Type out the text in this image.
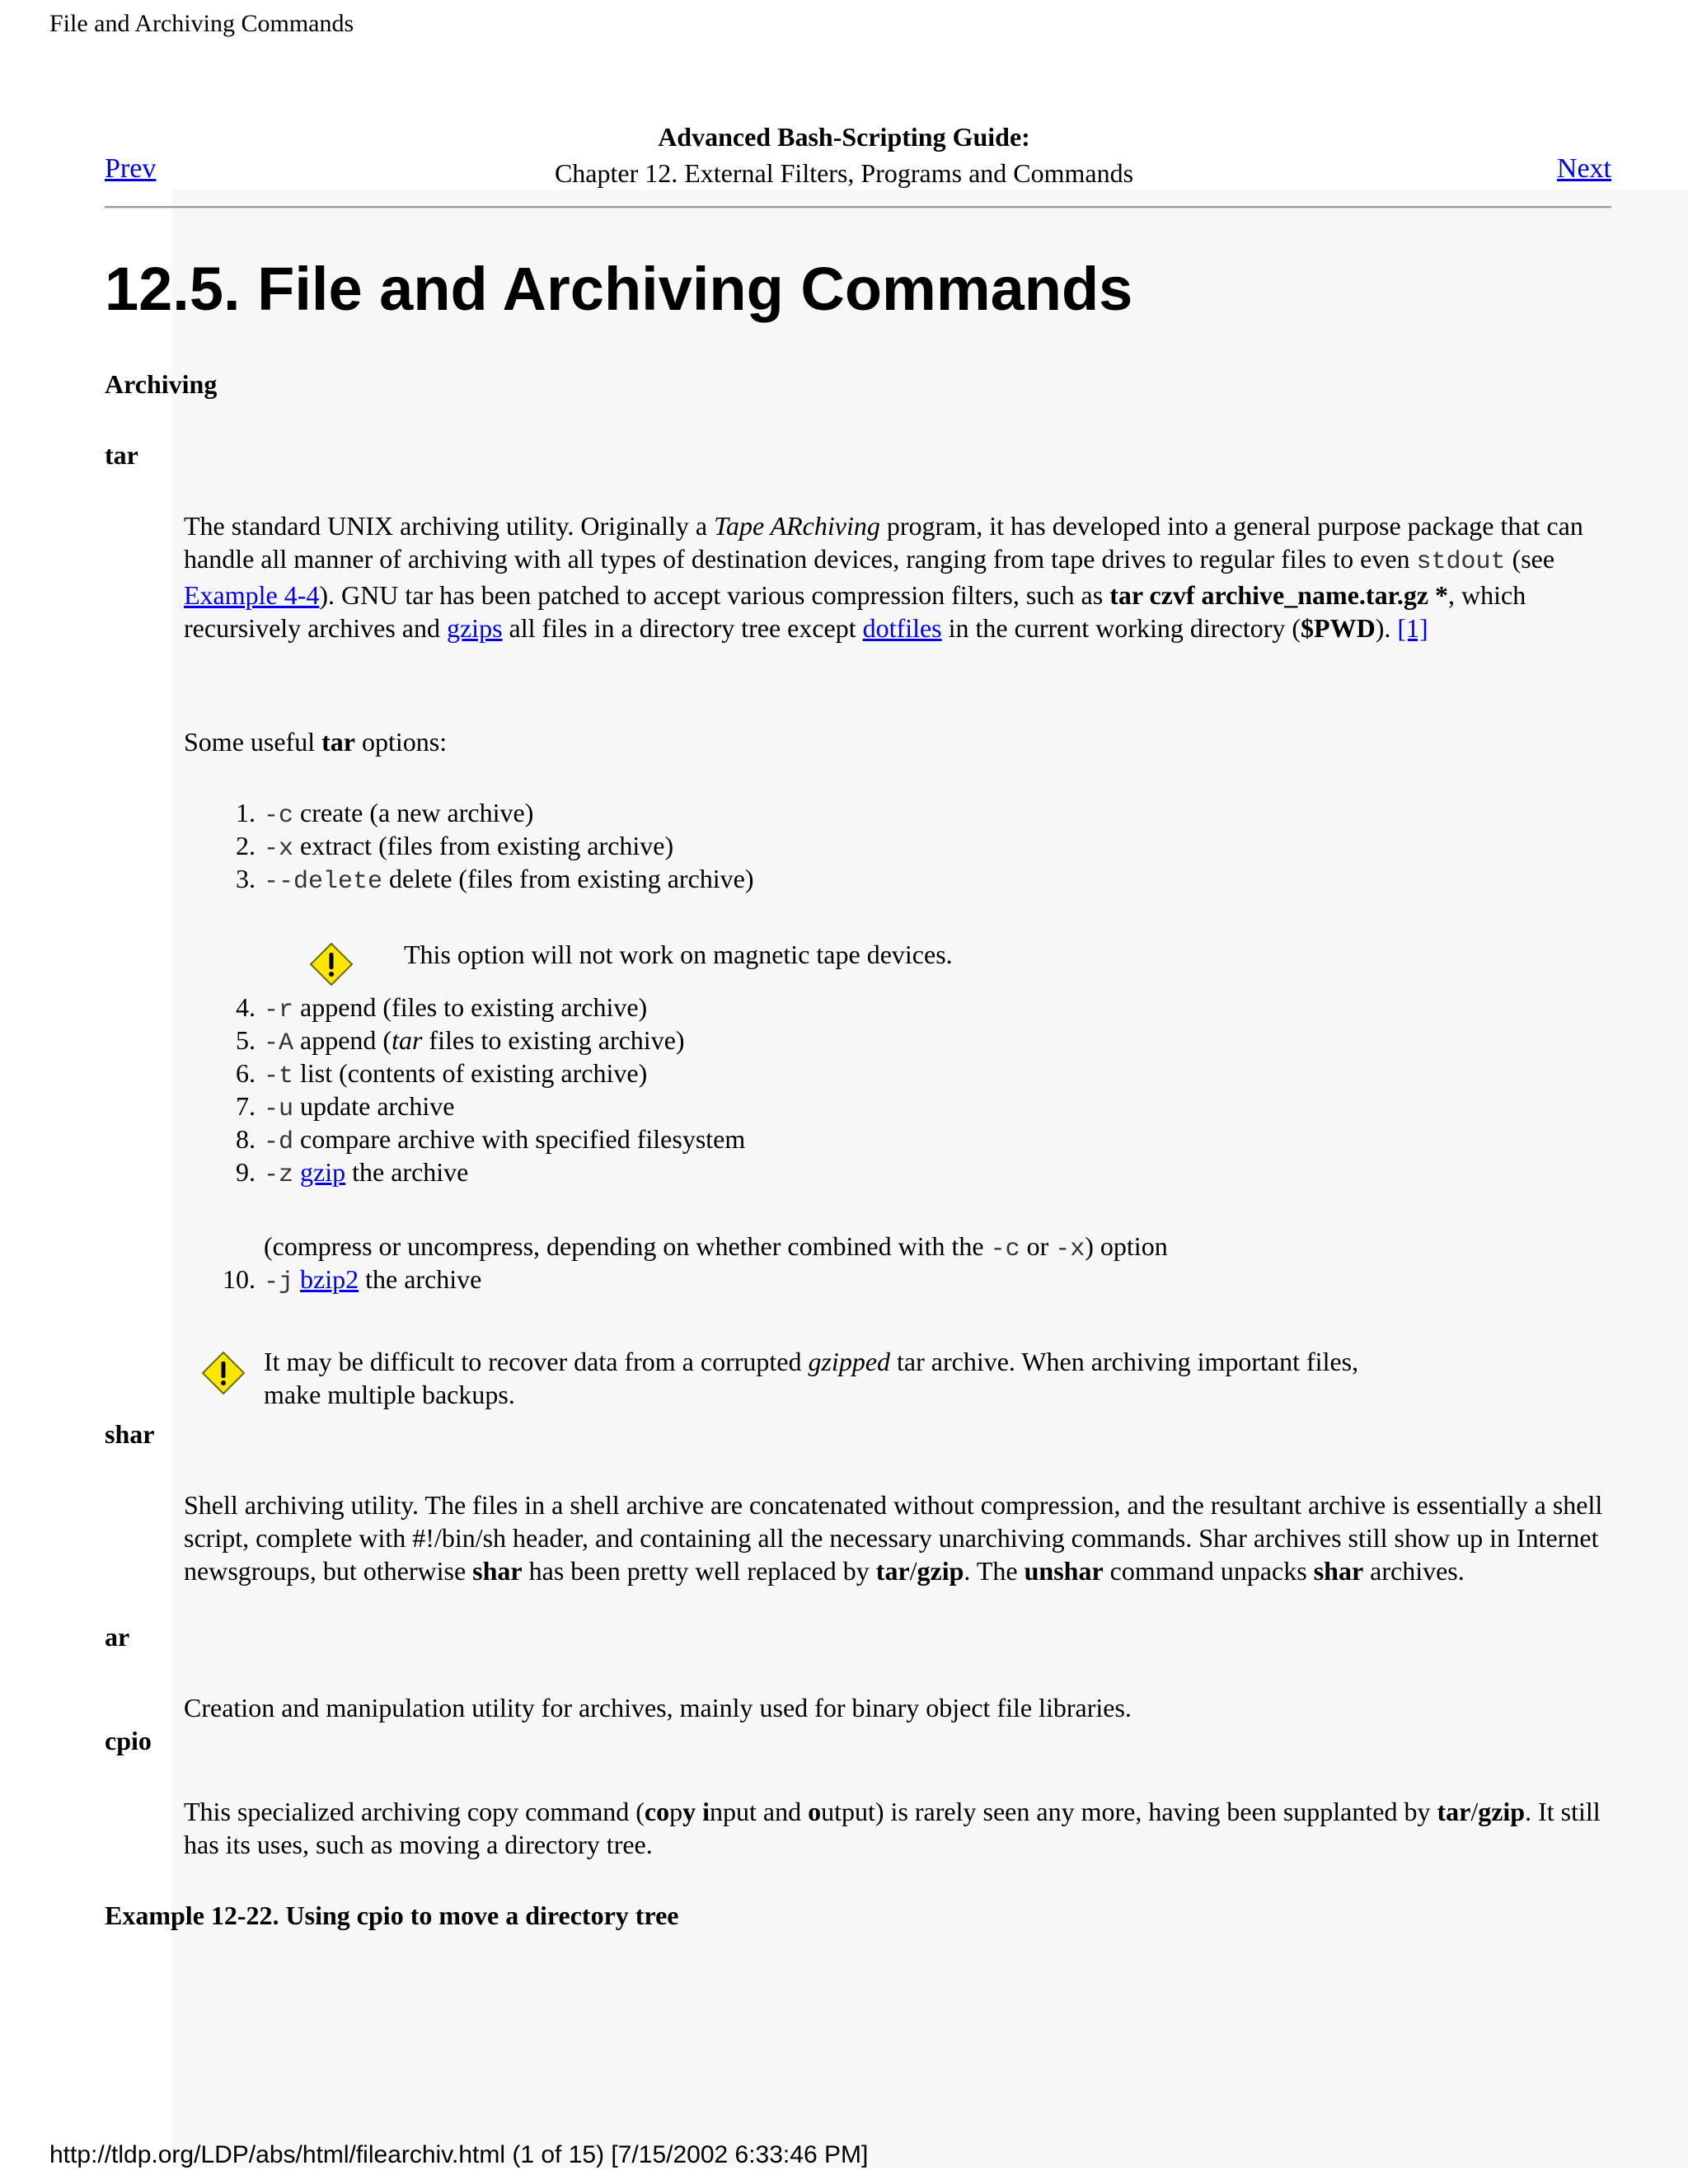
File and Archiving Commands
Advanced Bash-Scripting Guide:
Chapter 12. External Filters, Programs and Commands
Prev	Next
12.5. File and Archiving Commands
Archiving
tar
The standard UNIX archiving utility. Originally a Tape ARchiving program, it has developed into a general purpose package that can handle all manner of archiving with all types of destination devices, ranging from tape drives to regular files to even stdout (see Example 4-4). GNU tar has been patched to accept various compression filters, such as tar czvf archive_name.tar.gz *, which recursively archives and gzips all files in a directory tree except dotfiles in the current working directory ($PWD). [1]
Some useful tar options:
1. -c create (a new archive)
2. -x extract (files from existing archive)
3. --delete delete (files from existing archive)
This option will not work on magnetic tape devices.
4. -r append (files to existing archive)
5. -A append (tar files to existing archive)
6. -t list (contents of existing archive)
7. -u update archive
8. -d compare archive with specified filesystem
9. -z gzip the archive
(compress or uncompress, depending on whether combined with the -c or -x) option
10. -j bzip2 the archive
It may be difficult to recover data from a corrupted gzipped tar archive. When archiving important files,
make multiple backups.
shar
Shell archiving utility. The files in a shell archive are concatenated without compression, and the resultant archive is essentially a shell script, complete with #!/bin/sh header, and containing all the necessary unarchiving commands. Shar archives still show up in Internet newsgroups, but otherwise shar has been pretty well replaced by tar/gzip. The unshar command unpacks shar archives.
ar
Creation and manipulation utility for archives, mainly used for binary object file libraries.
cpio
This specialized archiving copy command (copy input and output) is rarely seen any more, having been supplanted by tar/gzip. It still has its uses, such as moving a directory tree.
Example 12-22. Using cpio to move a directory tree
http://tldp.org/LDP/abs/html/filearchiv.html (1 of 15) [7/15/2002 6:33:46 PM]
